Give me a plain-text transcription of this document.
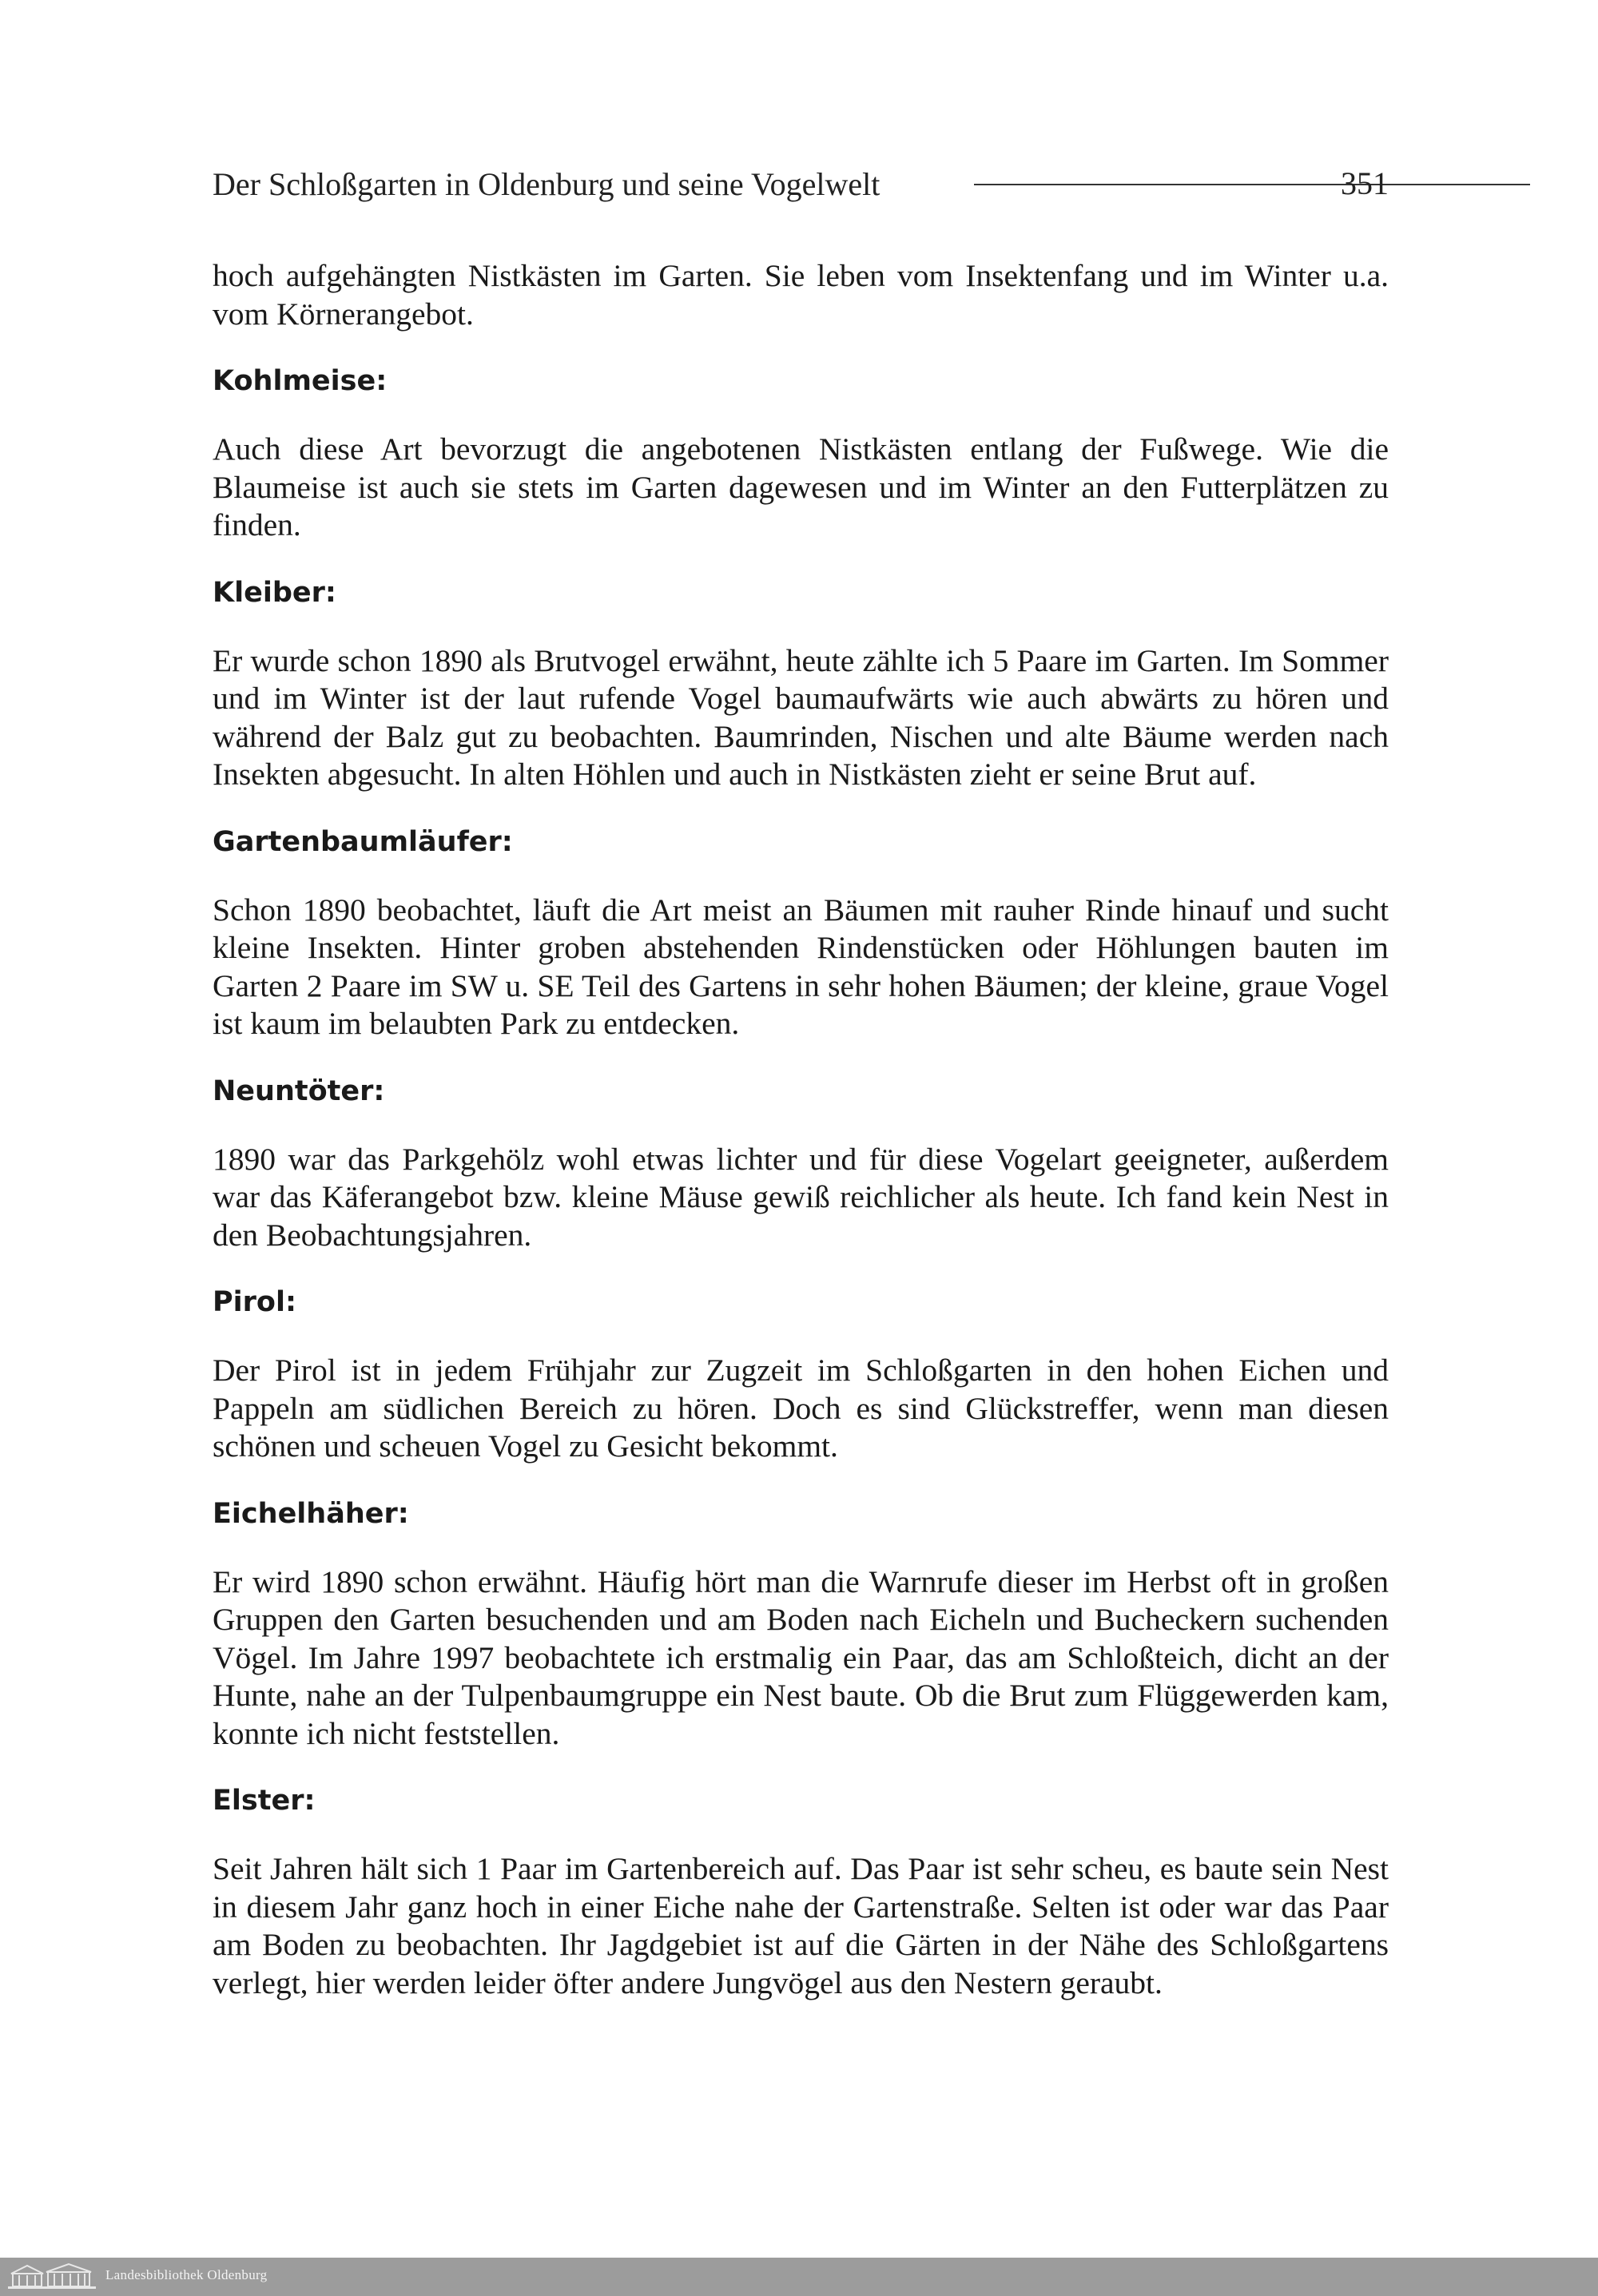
Der Schloßgarten in Oldenburg und seine Vogelwelt	351

hoch aufgehängten Nistkästen im Garten. Sie leben vom Insektenfang und im Winter u.a. vom Körnerangebot.

Kohlmeise:

Auch diese Art bevorzugt die angebotenen Nistkästen entlang der Fußwege. Wie die Blaumeise ist auch sie stets im Garten dagewesen und im Winter an den Futterplätzen zu finden.

Kleiber:

Er wurde schon 1890 als Brutvogel erwähnt, heute zählte ich 5 Paare im Garten. Im Sommer und im Winter ist der laut rufende Vogel baumaufwärts wie auch abwärts zu hören und während der Balz gut zu beobachten. Baumrinden, Nischen und alte Bäume werden nach Insekten abgesucht. In alten Höhlen und auch in Nistkästen zieht er seine Brut auf.

Gartenbaumläufer:

Schon 1890 beobachtet, läuft die Art meist an Bäumen mit rauher Rinde hinauf und sucht kleine Insekten. Hinter groben abstehenden Rindenstücken oder Höhlungen bauten im Garten 2 Paare im SW u. SE Teil des Gartens in sehr hohen Bäumen; der kleine, graue Vogel ist kaum im belaubten Park zu entdecken.

Neuntöter:

1890 war das Parkgehölz wohl etwas lichter und für diese Vogelart geeigneter, außerdem war das Käferangebot bzw. kleine Mäuse gewiß reichlicher als heute. Ich fand kein Nest in den Beobachtungsjahren.

Pirol:

Der Pirol ist in jedem Frühjahr zur Zugzeit im Schloßgarten in den hohen Eichen und Pappeln am südlichen Bereich zu hören. Doch es sind Glückstreffer, wenn man diesen schönen und scheuen Vogel zu Gesicht bekommt.

Eichelhäher:

Er wird 1890 schon erwähnt. Häufig hört man die Warnrufe dieser im Herbst oft in großen Gruppen den Garten besuchenden und am Boden nach Eicheln und Bucheckern suchenden Vögel. Im Jahre 1997 beobachtete ich erstmalig ein Paar, das am Schloßteich, dicht an der Hunte, nahe an der Tulpenbaumgruppe ein Nest baute. Ob die Brut zum Flüggewerden kam, konnte ich nicht feststellen.

Elster:

Seit Jahren hält sich 1 Paar im Gartenbereich auf. Das Paar ist sehr scheu, es baute sein Nest in diesem Jahr ganz hoch in einer Eiche nahe der Gartenstraße. Selten ist oder war das Paar am Boden zu beobachten. Ihr Jagdgebiet ist auf die Gärten in der Nähe des Schloßgartens verlegt, hier werden leider öfter andere Jungvögel aus den Nestern geraubt.

Landesbibliothek Oldenburg
